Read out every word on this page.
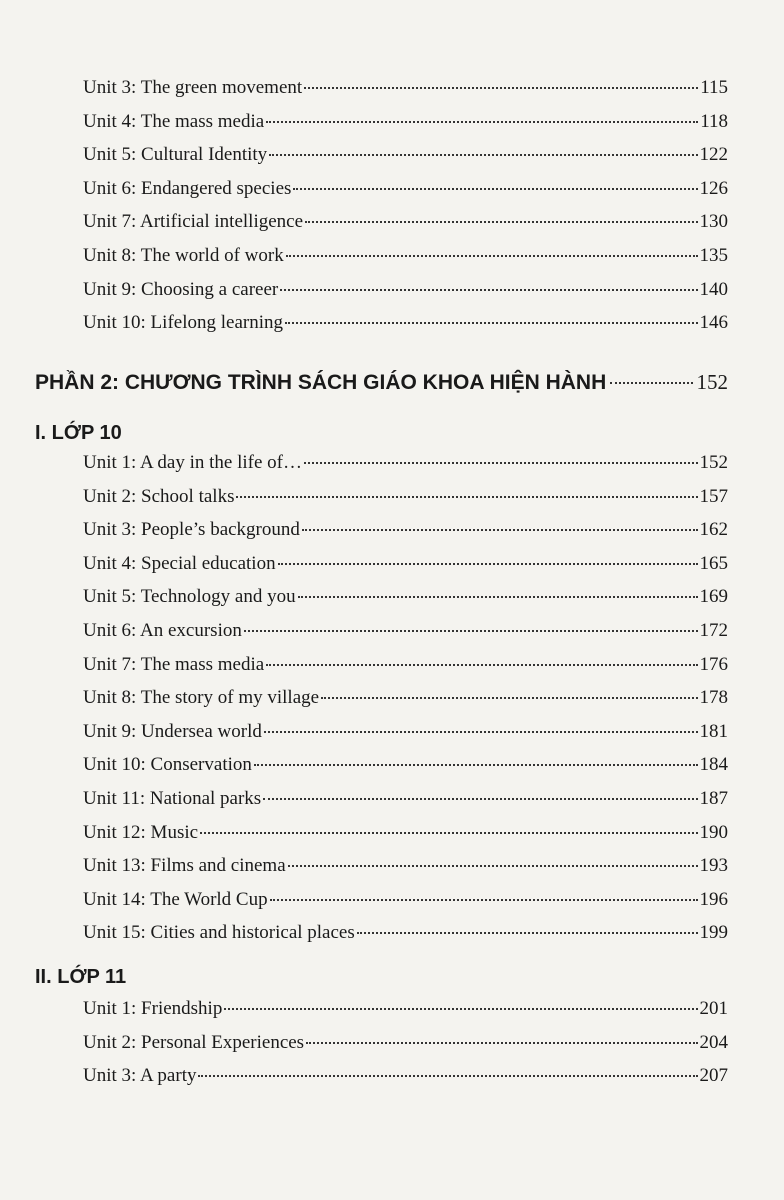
Unit 3: The green movement	115
Unit 4: The mass media	118
Unit 5: Cultural Identity	122
Unit 6: Endangered species	126
Unit 7: Artificial intelligence	130
Unit 8: The world of work	135
Unit 9: Choosing a career	140
Unit 10: Lifelong learning	146
PHẦN 2: CHƯƠNG TRÌNH SÁCH GIÁO KHOA HIỆN HÀNH	152
I. LỚP 10
Unit 1: A day in the life of…	152
Unit 2: School talks	157
Unit 3: People’s background	162
Unit 4: Special education	165
Unit 5: Technology and you	169
Unit 6: An excursion	172
Unit 7: The mass media	176
Unit 8: The story of my village	178
Unit 9: Undersea world	181
Unit 10: Conservation	184
Unit 11: National parks	187
Unit 12: Music	190
Unit 13: Films and cinema	193
Unit 14: The World Cup	196
Unit 15: Cities and historical places	199
II. LỚP 11
Unit 1: Friendship	201
Unit 2: Personal Experiences	204
Unit 3: A party	207
